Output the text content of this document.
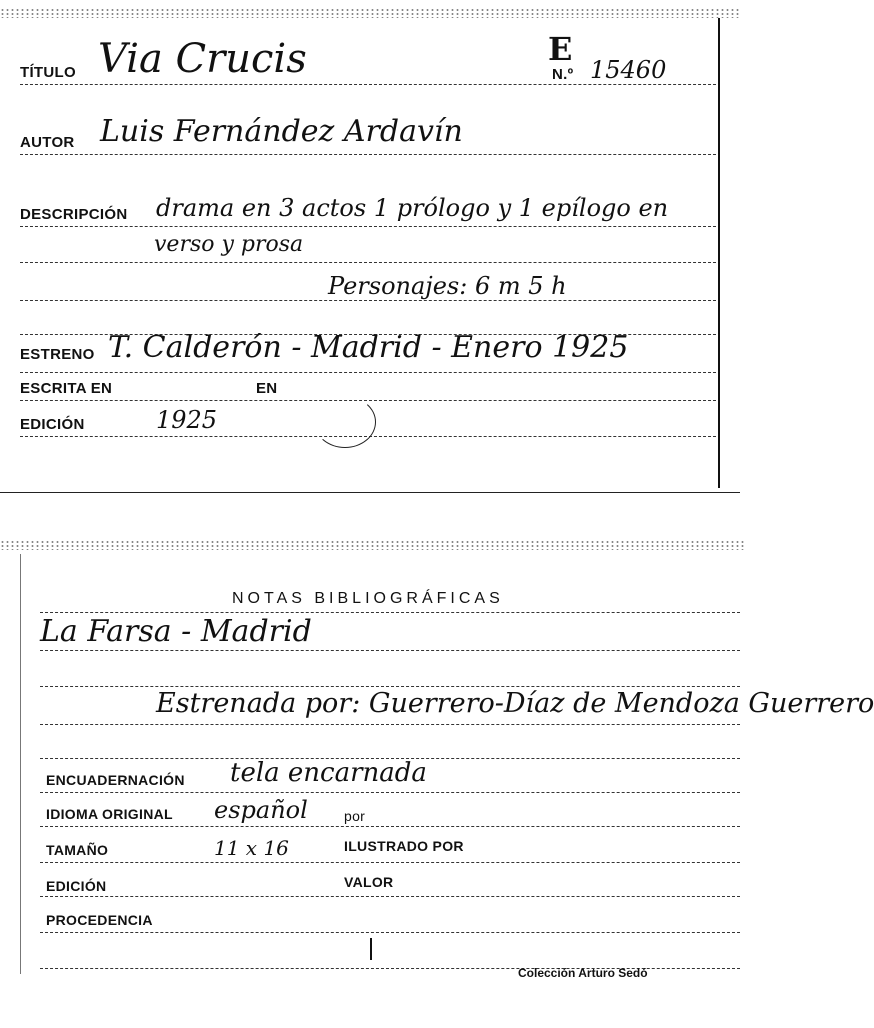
TÍTULO Via Crucis	E
N.º 15460
AUTOR Luis Fernández Ardavín
DESCRIPCIÓN drama en 3 actos 1 prólogo y 1 epílogo en
verso y prosa
Personajes: 6 m 5 h
ESTRENO T. Calderón - Madrid - Enero 1925
ESCRITA EN	EN
EDICIÓN	1925
NOTAS BIBLIOGRÁFICAS
La Farsa - Madrid
Estrenada por: Guerrero-Díaz de Mendoza Guerrero
ENCUADERNACIÓN tela encarnada
IDIOMA ORIGINAL español	por
TAMAÑO	11 x 16	ILUSTRADO POR
EDICIÓN	VALOR
PROCEDENCIA
Colección Arturo Sedó
